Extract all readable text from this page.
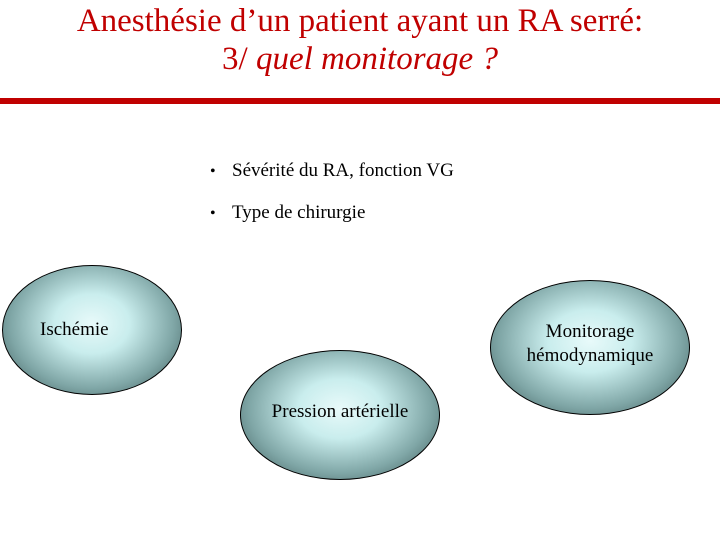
Anesthésie d’un patient ayant un RA serré:
3/ quel monitorage ?
• Sévérité du RA, fonction VG
• Type de chirurgie
Ischémie	Monitorage
hémodynamique
Pression artérielle
